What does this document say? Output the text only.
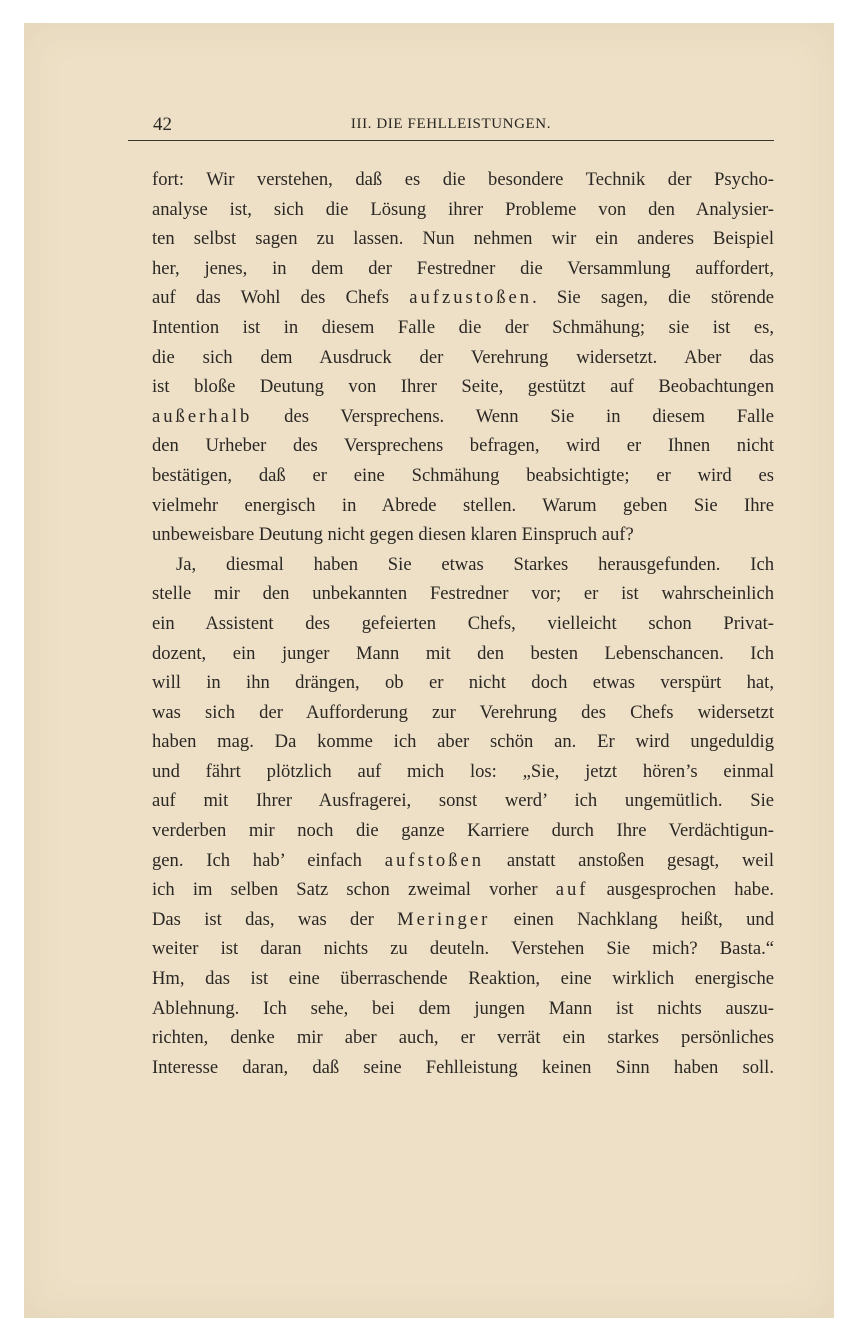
42	III. DIE FEHLLEISTUNGEN.
fort: Wir verstehen, daß es die besondere Technik der Psycho-
analyse ist, sich die Lösung ihrer Probleme von den Analysier-
ten selbst sagen zu lassen. Nun nehmen wir ein anderes Beispiel
her, jenes, in dem der Festredner die Versammlung auffordert,
auf das Wohl des Chefs aufzustoßen. Sie sagen, die störende
Intention ist in diesem Falle die der Schmähung; sie ist es,
die sich dem Ausdruck der Verehrung widersetzt. Aber das
ist bloße Deutung von Ihrer Seite, gestützt auf Beobachtungen
außerhalb des Versprechens. Wenn Sie in diesem Falle
den Urheber des Versprechens befragen, wird er Ihnen nicht
bestätigen, daß er eine Schmähung beabsichtigte; er wird es
vielmehr energisch in Abrede stellen. Warum geben Sie Ihre
unbeweisbare Deutung nicht gegen diesen klaren Einspruch auf?
Ja, diesmal haben Sie etwas Starkes herausgefunden. Ich
stelle mir den unbekannten Festredner vor; er ist wahrscheinlich
ein Assistent des gefeierten Chefs, vielleicht schon Privat-
dozent, ein junger Mann mit den besten Lebenschancen. Ich
will in ihn drängen, ob er nicht doch etwas verspürt hat,
was sich der Aufforderung zur Verehrung des Chefs widersetzt
haben mag. Da komme ich aber schön an. Er wird ungeduldig
und fährt plötzlich auf mich los: „Sie, jetzt hören’s einmal
auf mit Ihrer Ausfragerei, sonst werd’ ich ungemütlich. Sie
verderben mir noch die ganze Karriere durch Ihre Verdächtigun-
gen. Ich hab’ einfach aufstoßen anstatt anstoßen gesagt, weil
ich im selben Satz schon zweimal vorher auf ausgesprochen habe.
Das ist das, was der Meringer einen Nachklang heißt, und
weiter ist daran nichts zu deuteln. Verstehen Sie mich? Basta.“
Hm, das ist eine überraschende Reaktion, eine wirklich energische
Ablehnung. Ich sehe, bei dem jungen Mann ist nichts auszu-
richten, denke mir aber auch, er verrät ein starkes persönliches
Interesse daran, daß seine Fehlleistung keinen Sinn haben soll.
